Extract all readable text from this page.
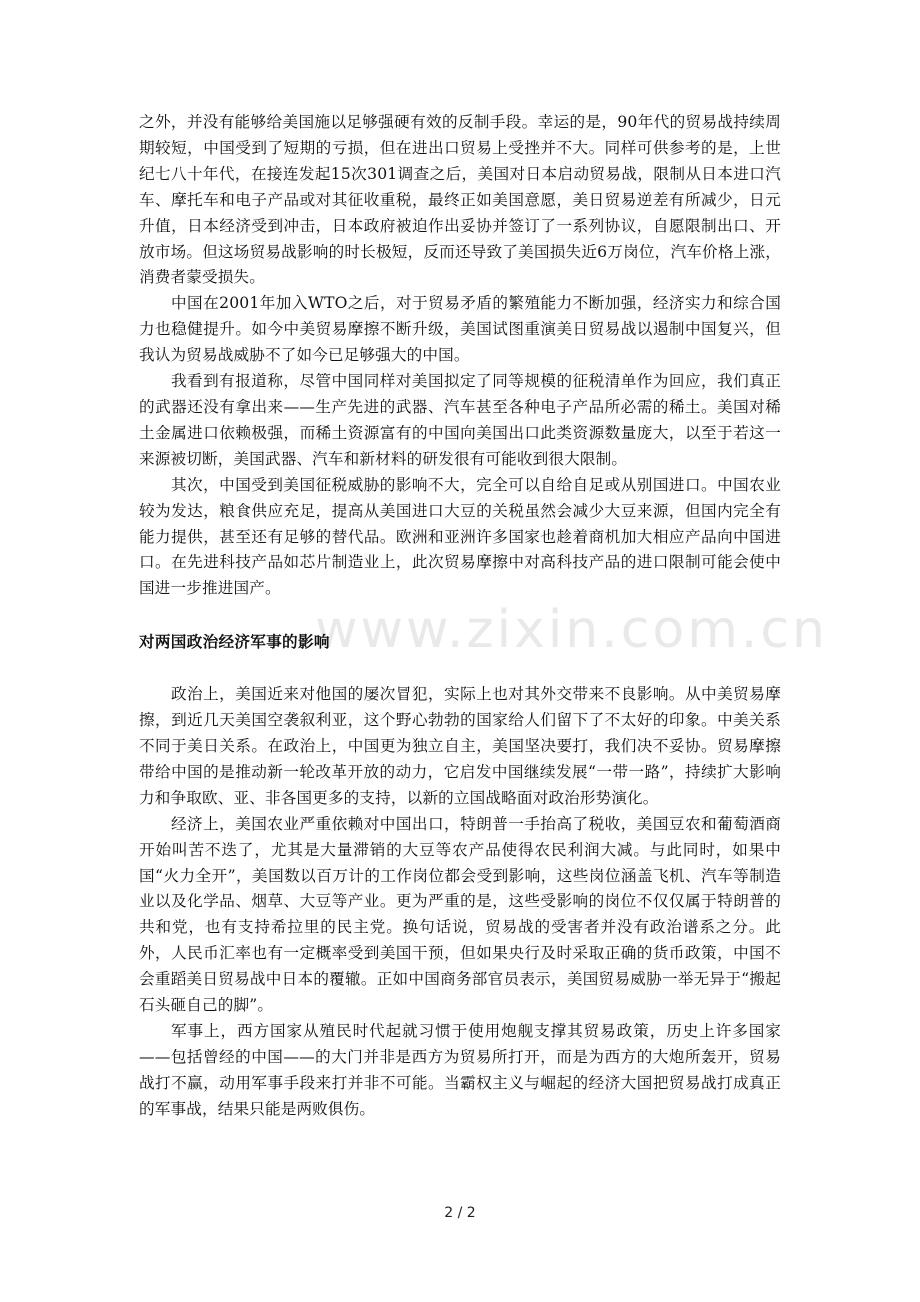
www.zixin.com.cn

之外，并没有能够给美国施以足够强硬有效的反制手段。幸运的是，90年代的贸易战持续周期较短，中国受到了短期的亏损，但在进出口贸易上受挫并不大。同样可供参考的是，上世纪七八十年代，在接连发起15次301调查之后，美国对日本启动贸易战，限制从日本进口汽车、摩托车和电子产品或对其征收重税，最终正如美国意愿，美日贸易逆差有所减少，日元升值，日本经济受到冲击，日本政府被迫作出妥协并签订了一系列协议，自愿限制出口、开放市场。但这场贸易战影响的时长极短，反而还导致了美国损失近6万岗位，汽车价格上涨，消费者蒙受损失。

中国在2001年加入WTO之后，对于贸易矛盾的繁殖能力不断加强，经济实力和综合国力也稳健提升。如今中美贸易摩擦不断升级，美国试图重演美日贸易战以遏制中国复兴，但我认为贸易战威胁不了如今已足够强大的中国。

我看到有报道称，尽管中国同样对美国拟定了同等规模的征税清单作为回应，我们真正的武器还没有拿出来——生产先进的武器、汽车甚至各种电子产品所必需的稀土。美国对稀土金属进口依赖极强，而稀土资源富有的中国向美国出口此类资源数量庞大，以至于若这一来源被切断，美国武器、汽车和新材料的研发很有可能收到很大限制。

其次，中国受到美国征税威胁的影响不大，完全可以自给自足或从别国进口。中国农业较为发达，粮食供应充足，提高从美国进口大豆的关税虽然会减少大豆来源，但国内完全有能力提供，甚至还有足够的替代品。欧洲和亚洲许多国家也趁着商机加大相应产品向中国进口。在先进科技产品如芯片制造业上，此次贸易摩擦中对高科技产品的进口限制可能会使中国进一步推进国产。

对两国政治经济军事的影响

政治上，美国近来对他国的屡次冒犯，实际上也对其外交带来不良影响。从中美贸易摩擦，到近几天美国空袭叙利亚，这个野心勃勃的国家给人们留下了不太好的印象。中美关系不同于美日关系。在政治上，中国更为独立自主，美国坚决要打，我们决不妥协。贸易摩擦带给中国的是推动新一轮改革开放的动力，它启发中国继续发展“一带一路”，持续扩大影响力和争取欧、亚、非各国更多的支持，以新的立国战略面对政治形势演化。

经济上，美国农业严重依赖对中国出口，特朗普一手抬高了税收，美国豆农和葡萄酒商开始叫苦不迭了，尤其是大量滞销的大豆等农产品使得农民利润大减。与此同时，如果中国“火力全开”，美国数以百万计的工作岗位都会受到影响，这些岗位涵盖飞机、汽车等制造业以及化学品、烟草、大豆等产业。更为严重的是，这些受影响的岗位不仅仅属于特朗普的共和党，也有支持希拉里的民主党。换句话说，贸易战的受害者并没有政治谱系之分。此外，人民币汇率也有一定概率受到美国干预，但如果央行及时采取正确的货币政策，中国不会重蹈美日贸易战中日本的覆辙。正如中国商务部官员表示，美国贸易威胁一举无异于“搬起石头砸自己的脚”。

军事上，西方国家从殖民时代起就习惯于使用炮舰支撑其贸易政策，历史上许多国家——包括曾经的中国——的大门并非是西方为贸易所打开，而是为西方的大炮所轰开，贸易战打不赢，动用军事手段来打并非不可能。当霸权主义与崛起的经济大国把贸易战打成真正的军事战，结果只能是两败俱伤。

2 / 2
